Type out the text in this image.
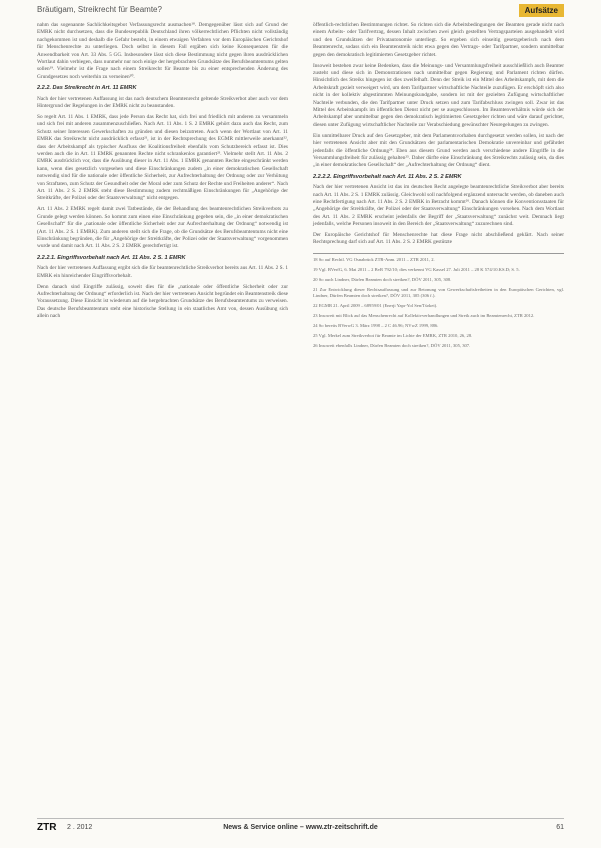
Bräutigam, Streikrecht für Beamte?	Aufsätze

nahm das sogenannte Sachlichkeitsgebot Verfassungsrecht ausmachen¹⁸. Demgegenüber lässt sich auf Grund der EMRK nicht durchsetzen, dass die Bundesrepublik Deutschland ihren völkerrechtlichen Pflichten nicht vollständig nachgekommen ist und deshalb die Gefahr besteht, in einem etwaigen Verfahren vor dem Europäischen Gerichtshof für Menschenrechte zu unterliegen. Doch selbst in diesem Fall ergäben sich keine Konsequenzen für die Anwendbarkeit von Art. 33 Abs. 5 GG. Insbesondere lässt sich diese Bestimmung nicht gegen ihren ausdrücklichen Wortlaut dahin verbiegen, dass nunmehr nur noch einige der hergebrachten Grundsätze des Berufsbeamtentums gelten sollen¹⁹. Vielmehr ist die Frage nach einem Streikrecht für Beamte bis zu einer entsprechenden Änderung des Grundgesetzes noch weiterhin zu verneinen²⁰.

2.2.2. Das Streikrecht in Art. 11 EMRK

Nach der hier vertretenen Auffassung ist das nach deutschem Beamtenrecht geltende Streikverbot aber auch vor dem Hintergrund der Regelungen in der EMRK nicht zu beanstanden.

So regelt Art. 11 Abs. 1 EMRK, dass jede Person das Recht hat, sich frei und friedlich mit anderen zu versammeln und sich frei mit anderen zusammenzuschließen. Nach Art. 11 Abs. 1 S. 2 EMRK gehört dazu auch das Recht, zum Schutz seiner Interessen Gewerkschaften zu gründen und diesen beizutreten. Auch wenn der Wortlaut von Art. 11 EMRK das Streikrecht nicht ausdrücklich erfasst²¹, ist in der Rechtsprechung des EGMR mittlerweile anerkannt²², dass der Arbeitskampf als typischer Ausfluss der Koalitionsfreiheit ebenfalls vom Schutzbereich erfasst ist. Dies werden auch die in Art. 11 EMRK genannten Rechte nicht schrankenlos garantiert²³. Vielmehr stellt Art. 11 Abs. 2 EMRK ausdrücklich vor, dass die Ausübung dieser in Art. 11 Abs. 1 EMRK genannten Rechte eingeschränkt werden kann, wenn dies gesetzlich vorgesehen und diese Einschränkungen zudem „in einer demokratischen Gesellschaft notwendig sind für die nationale oder öffentliche Sicherheit, zur Aufrechterhaltung der Ordnung oder zur Verhütung von Straftaten, zum Schutz der Gesundheit oder der Moral oder zum Schutz der Rechte und Freiheiten anderer“. Nach Art. 11 Abs. 2 S. 2 EMRK steht diese Bestimmung zudem rechtmäßigen Einschränkungen für „Angehörige der Streitkräfte, der Polizei oder der Staatsverwaltung“ nicht entgegen.

Art. 11 Abs. 2 EMRK regelt damit zwei Tatbestände, die der Behandlung des beamtenrechtlichen Streikverbots zu Grunde gelegt werden können. So kommt zum einen eine Einschränkung gegeben sein, die „in einer demokratischen Gesellschaft“ für die „nationale oder öffentliche Sicherheit oder zur Aufrechterhaltung der Ordnung“ notwendig ist (Art. 11 Abs. 2 S. 1 EMRK). Zum anderen stellt sich die Frage, ob die Grundsätze des Berufsbeamtentums nicht eine Einschränkung begründen, die für „Angehörige der Streitkräfte, der Polizei oder der Staatsverwaltung“ vorgenommen wurde und damit nach Art. 11 Abs. 2 S. 2 EMRK gerechtfertigt ist.

2.2.2.1. Eingriffsvorbehalt nach Art. 11 Abs. 2 S. 1 EMRK

Nach der hier vertretenen Auffassung ergibt sich die für beamtenrechtliche Streikverbot bereits aus Art. 11 Abs. 2 S. 1 EMRK ein hinreichender Eingriffsvorbehalt.

Denn danach sind Eingriffe zulässig, soweit dies für die „nationale oder öffentliche Sicherheit oder zur Aufrechterhaltung der Ordnung“ erforderlich ist. Nach der hier vertretenen Ansicht begründet ein Beamtenstreik diese Voraussetzung. Diese Einsicht ist wiederum auf die hergebrachten Grundsätze des Berufsbeamtentums zu verweisen. Das deutsche Berufsbeamtentum steht eine historische Stellung in ein staatliches Amt von, dessen Ausübung sich allein nach

öffentlich-rechtlichen Bestimmungen richtet. So richten sich die Arbeitsbedingungen der Beamten gerade nicht nach einem Arbeits- oder Tarifvertrag, dessen Inhalt zwischen zwei gleich gestellten Vertragsparteien ausgehandelt wird und den Grundsätzen der Privatautonomie unterliegt. So ergeben sich einseitig gesetzgeberisch nach dem Beamtenrecht, sodass sich ein Beamtenstreik nicht etwa gegen den Vertrags- oder Tarifpartner, sondern unmittelbar gegen den demokratisch legitimierten Gesetzgeber richtet.

Insoweit bestehen zwar keine Bedenken, dass die Meinungs- und Versammlungsfreiheit ausschließlich auch Beamter zusteht und diese sich in Demonstrationen nach unmittelbar gegen Regierung und Parlament richten dürfen. Hinsichtlich des Streiks hingegen ist dies zweifelhaft. Denn der Streik ist ein Mittel des Arbeitskampfs, mit dem die Arbeitskraft gezielt verweigert wird, um dem Tarifpartner wirtschaftliche Nachteile zuzufügen. Er erschöpft sich also nicht in der kollektiv abgestimmten Meinungskundgabe, sondern ist mit der gezielten Zufügung wirtschaftlicher Nachteile verbunden, die den Tarifpartner unter Druck setzen und zum Tarifabschluss zwingen soll. Zwar ist das Mittel des Arbeitskampfs im öffentlichen Dienst nicht per se ausgeschlossen. Im Beamtenverhältnis würde sich der Arbeitskampf aber unmittelbar gegen den demokratisch legitimierten Gesetzgeber richten und wäre darauf gerichtet, diesen unter Zufügung wirtschaftlicher Nachteile zur Verabschiedung gewünschter Neuregelungen zu zwingen.

Ein unmittelbarer Druck auf den Gesetzgeber, mit dem Parlamentsvorhaben durchgesetzt werden sollen, ist nach der hier vertretenen Ansicht aber mit den Grundsätzen der parlamentarischen Demokratie unvereinbar und gefährdet jedenfalls die öffentliche Ordnung²⁴. Eben aus diesem Grund werden auch verschiedene andere Eingriffe in die Versammlungsfreiheit für zulässig gehalten²⁵. Daher dürfte eine Einschränkung des Streikrechts zulässig sein, da dies „in einer demokratischen Gesellschaft“ der „Aufrechterhaltung der Ordnung“ dient.

2.2.2.2. Eingriffsvorbehalt nach Art. 11 Abs. 2 S. 2 EMRK

Nach der hier vertretenen Ansicht ist das im deutschen Recht angelegte beamtenrechtliche Streikverbot aber bereits nach Art. 11 Abs. 2 S. 1 EMRK zulässig. Gleichwohl soll nachfolgend ergänzend untersucht werden, ob daneben auch eine Rechtfertigung nach Art. 11 Abs. 2 S. 2 EMRK in Betracht kommt²⁶. Danach können die Konventionsstaaten für „Angehörige der Streitkräfte, der Polizei oder der Staatsverwaltung“ Einschränkungen vorsehen. Nach dem Wortlaut des Art. 11 Abs. 2 EMRK erscheint jedenfalls der Begriff der „Staatsverwaltung“ zunächst weit. Demnach liegt jedenfalls, welche Personen insoweit in den Bereich der „Staatsverwaltung“ zuzurechnen sind.

Der Europäische Gerichtshof für Menschenrechte hat diese Frage nicht abschließend geklärt. Nach seiner Rechtsprechung darf sich auf Art. 11 Abs. 2 S. 2 EMRK gestützte

18 So auf Rechtl. VG Osnabrück ZTR-Anm. 2011 – ZTR 2011, 2.

19 Vgl. BVerfG, 6. Mai 2011 – 2 BvR 792/10; dies verkennt VG Kassel 27. Juli 2011 – 28 K 574/10.KS.D; S. 5.

20 So auch Lindner, Dürfen Beamten doch streiken?, DÖV 2011, 305, 308.

21 Zur Entwicklung dieser Rechtsauffassung und zur Betonung von Gewerkschaftsfreiheiten in den Europäischen Gerichten, vgl. Lindner, Dürfen Beamten doch streiken?, DÖV 2011, 305 (306 f.).

22 EGMR 21. April 2009 – 68959/01 (Enerji Yapı-Yol Sen/Türkei).

23 Insoweit mit Blick auf das Menschenrecht auf Kollektivverhandlungen und Streik auch im Beamtenrecht, ZTR 2012.

24 So bereits BVerwG 3. März 1998 – 2 C 46.96; NVwZ 1999, 886.

25 Vgl. Merkel zum Streikverbot für Beamte im Lichte der EMRK, ZTR 2010, 26, 28.

26 Insoweit ebenfalls Lindner, Dürfen Beamten doch streiken?, DÖV 2011, 305, 307.

ZTR 2 . 2012	News & Service online – www.ztr-zeitschrift.de	61
